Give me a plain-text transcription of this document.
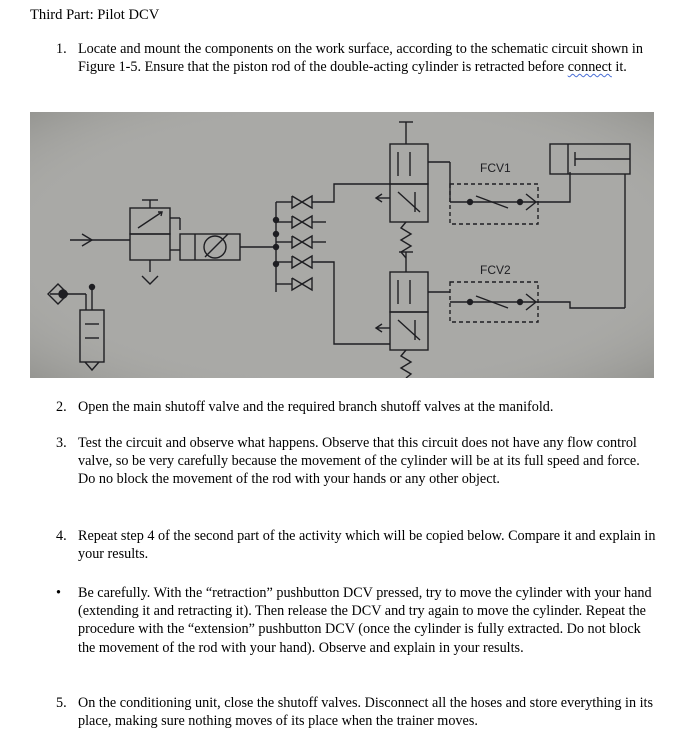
Third Part: Pilot DCV
1. Locate and mount the components on the work surface, according to the schematic circuit shown in Figure 1-5. Ensure that the piston rod of the double-acting cylinder is retracted before connect it.
FCV1
FCV2
2. Open the main shutoff valve and the required branch shutoff valves at the manifold.
3. Test the circuit and observe what happens. Observe that this circuit does not have any flow control valve, so be very carefully because the movement of the cylinder will be at its full speed and force. Do no block the movement of the rod with your hands or any other object.
4. Repeat step 4 of the second part of the activity which will be copied below. Compare it and explain in your results.
•	Be carefully. With the “retraction” pushbutton DCV pressed, try to move the cylinder with your hand (extending it and retracting it). Then release the DCV and try again to move the cylinder. Repeat the procedure with the “extension” pushbutton DCV (once the cylinder is fully extracted. Do not block the movement of the rod with your hand). Observe and explain in your results.
5. On the conditioning unit, close the shutoff valves. Disconnect all the hoses and store everything in its place, making sure nothing moves of its place when the trainer moves.
